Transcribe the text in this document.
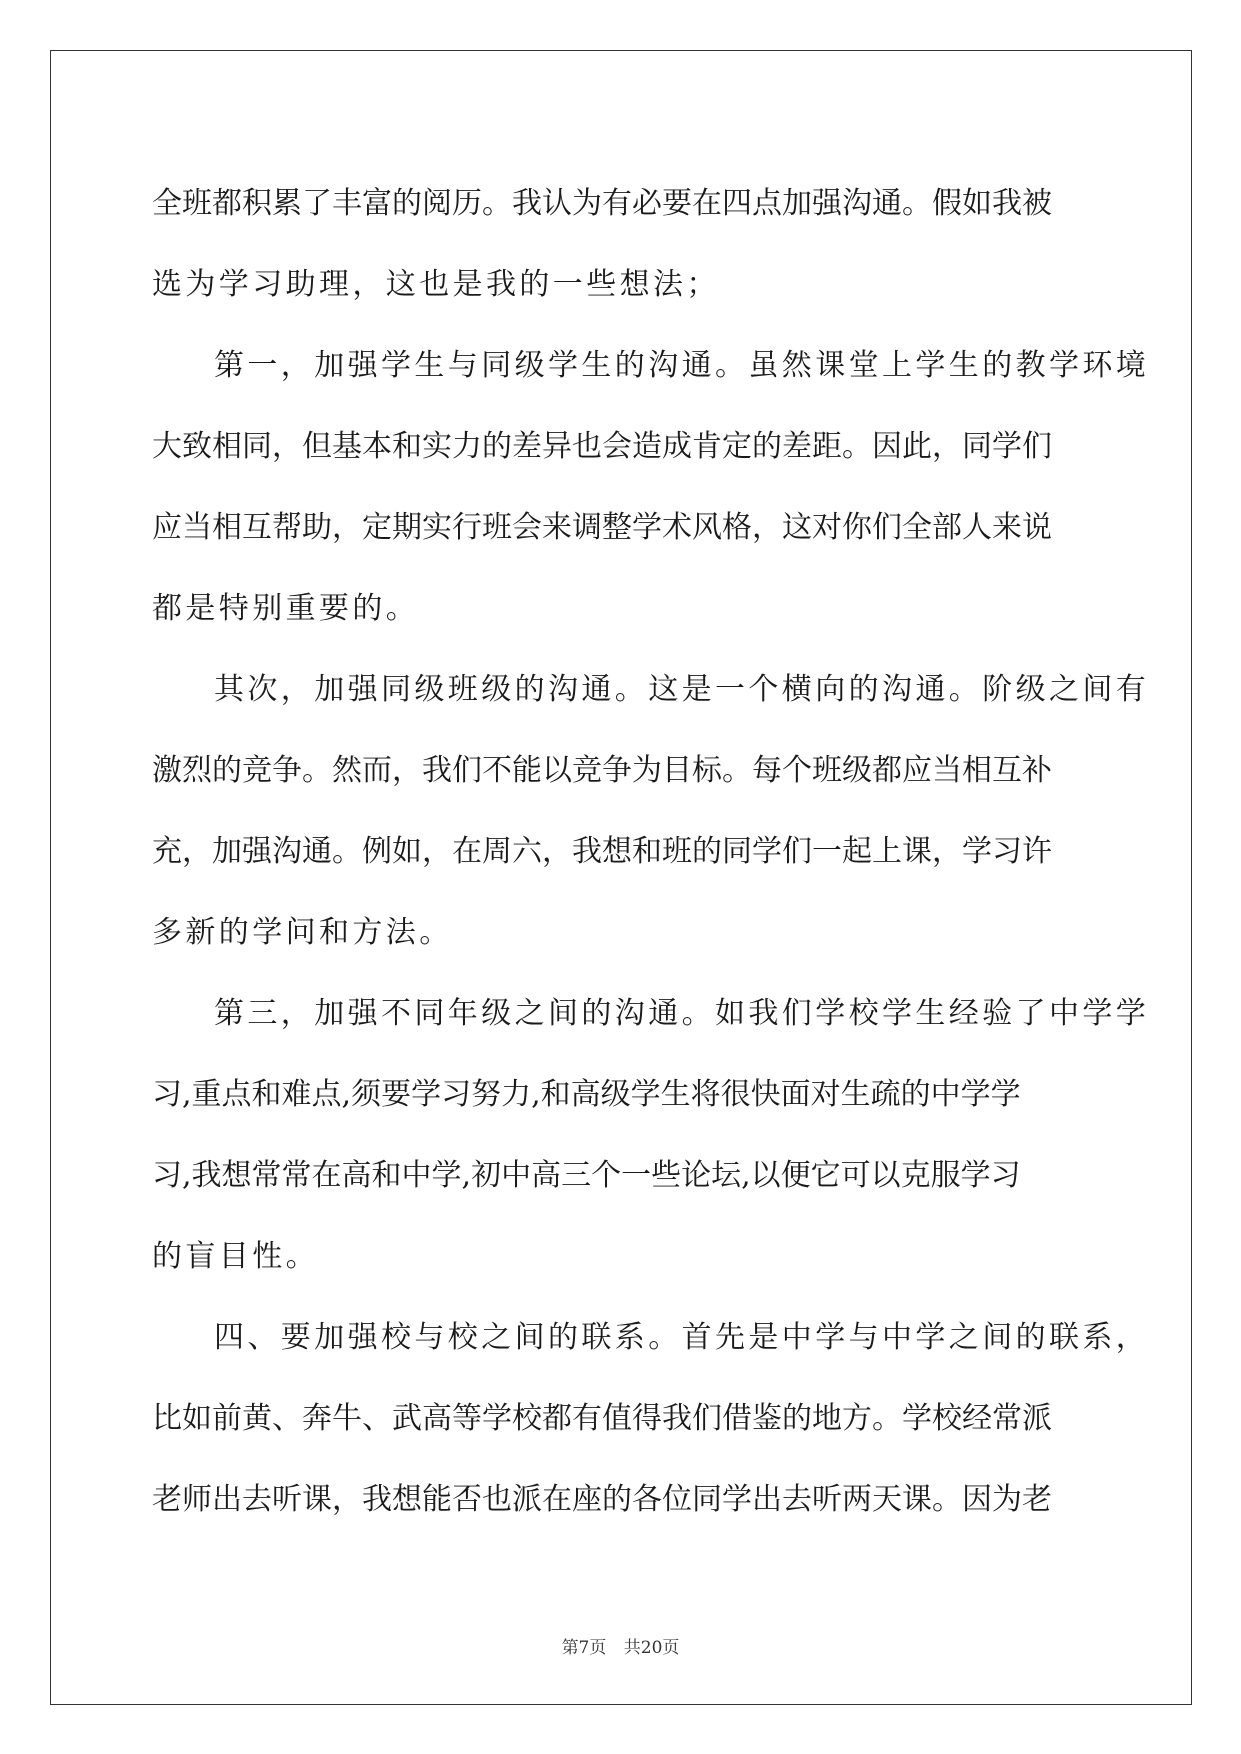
全班都积累了丰富的阅历。我认为有必要在四点加强沟通。假如我被
选为学习助理，这也是我的一些想法；
第一，加强学生与同级学生的沟通。虽然课堂上学生的教学环境
大致相同，但基本和实力的差异也会造成肯定的差距。因此，同学们
应当相互帮助，定期实行班会来调整学术风格，这对你们全部人来说
都是特别重要的。
其次，加强同级班级的沟通。这是一个横向的沟通。阶级之间有
激烈的竞争。然而，我们不能以竞争为目标。每个班级都应当相互补
充，加强沟通。例如，在周六，我想和班的同学们一起上课，学习许
多新的学问和方法。
第三，加强不同年级之间的沟通。如我们学校学生经验了中学学
习,重点和难点,须要学习努力,和高级学生将很快面对生疏的中学学
习,我想常常在高和中学,初中高三个一些论坛,以便它可以克服学习
的盲目性。
四、要加强校与校之间的联系。首先是中学与中学之间的联系，
比如前黄、奔牛、武高等学校都有值得我们借鉴的地方。学校经常派
老师出去听课，我想能否也派在座的各位同学出去听两天课。因为老
第7页 共20页
